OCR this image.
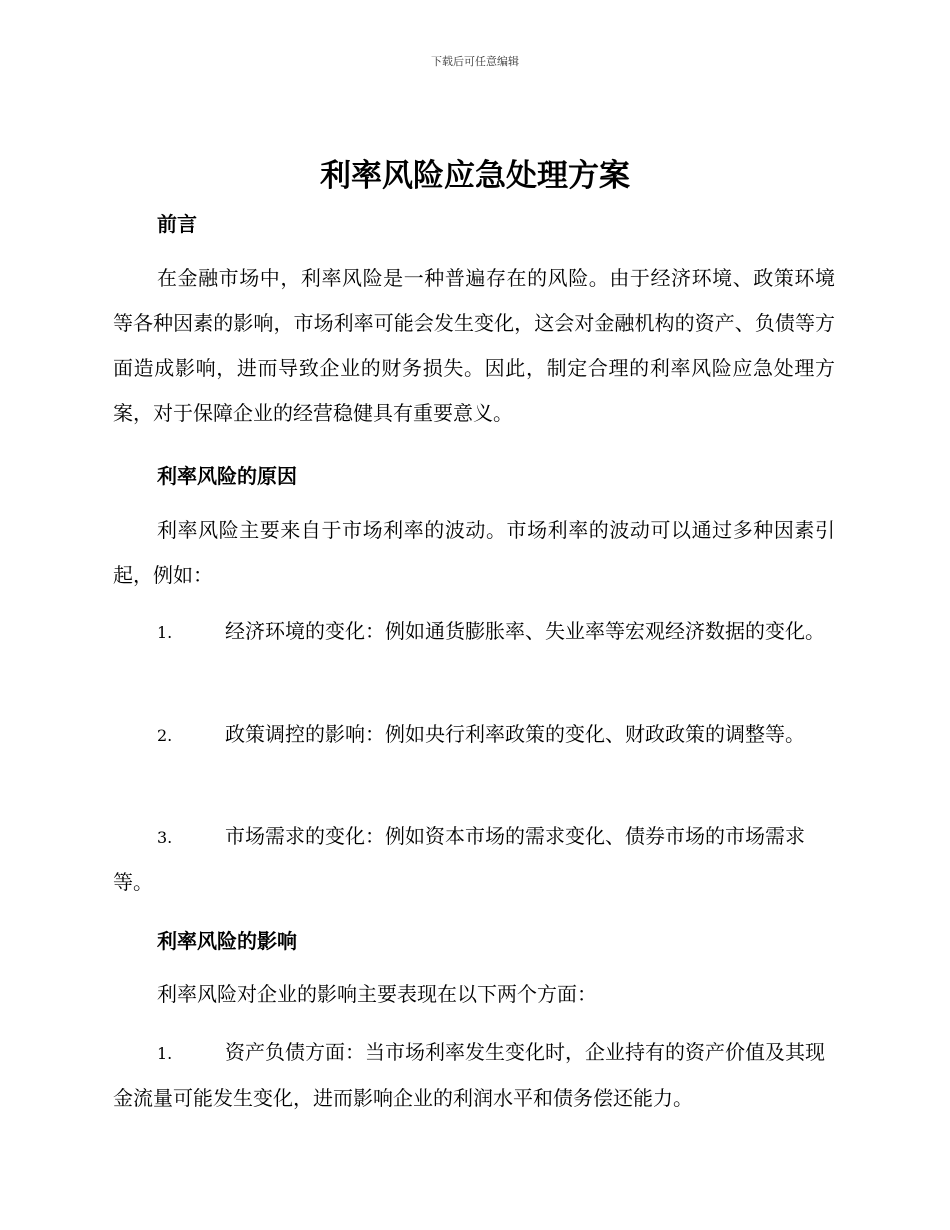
下载后可任意编辑
利率风险应急处理方案
前言
在金融市场中，利率风险是一种普遍存在的风险。由于经济环境、政策环境等各种因素的影响，市场利率可能会发生变化，这会对金融机构的资产、负债等方面造成影响，进而导致企业的财务损失。因此，制定合理的利率风险应急处理方案，对于保障企业的经营稳健具有重要意义。
利率风险的原因
利率风险主要来自于市场利率的波动。市场利率的波动可以通过多种因素引起，例如：
1.	经济环境的变化：例如通货膨胀率、失业率等宏观经济数据的变化。
2.	政策调控的影响：例如央行利率政策的变化、财政政策的调整等。
3.	市场需求的变化：例如资本市场的需求变化、债券市场的市场需求等。
利率风险的影响
利率风险对企业的影响主要表现在以下两个方面：
1.	资产负债方面：当市场利率发生变化时，企业持有的资产价值及其现金流量可能发生变化，进而影响企业的利润水平和债务偿还能力。
